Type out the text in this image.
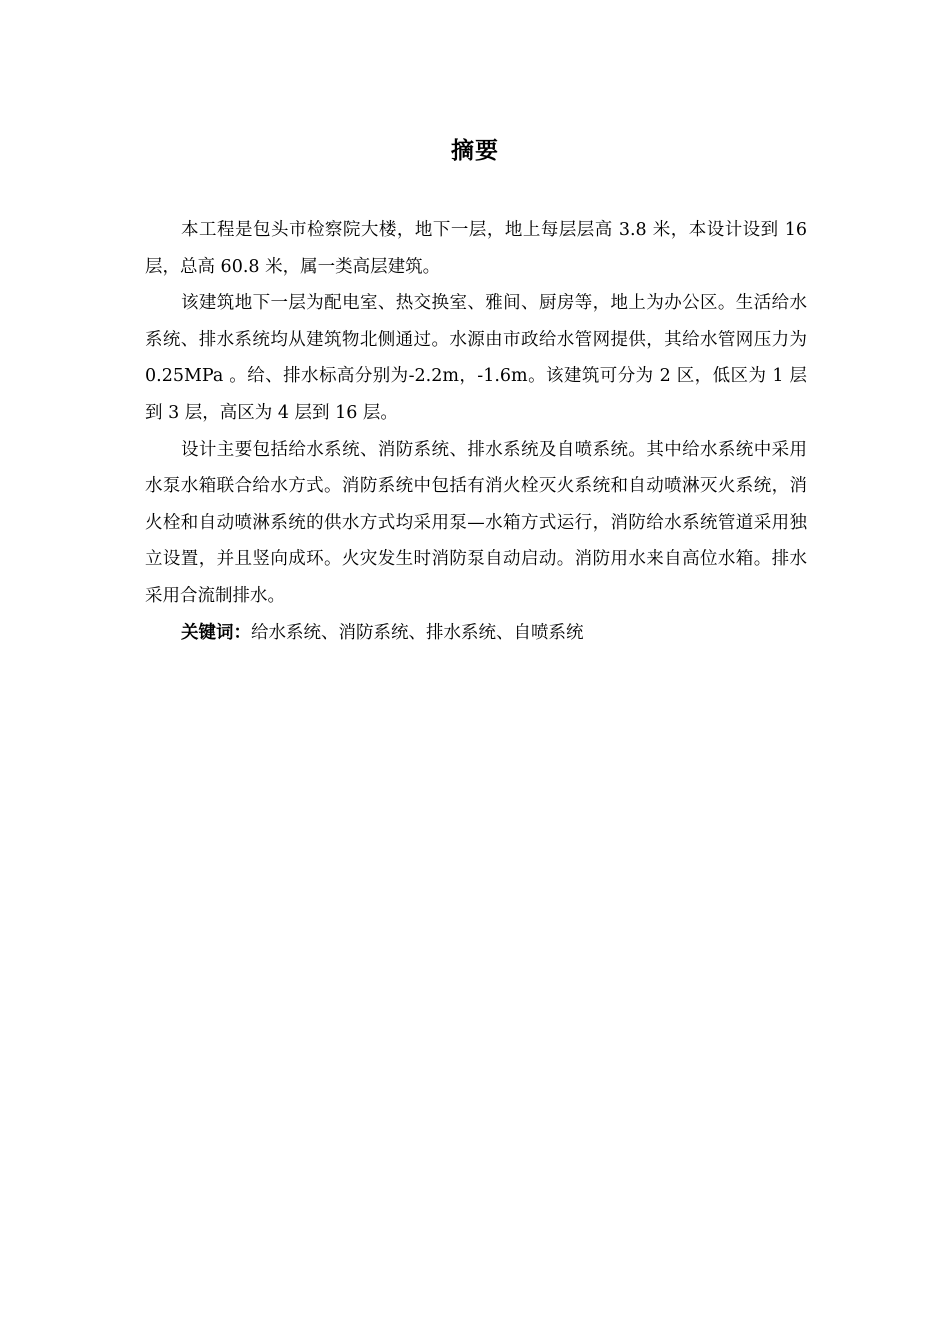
摘要

本工程是包头市检察院大楼，地下一层，地上每层层高 3.8 米，本设计设到 16 层，总高 60.8 米，属一类高层建筑。

该建筑地下一层为配电室、热交换室、雅间、厨房等，地上为办公区。生活给水系统、排水系统均从建筑物北侧通过。水源由市政给水管网提供，其给水管网压力为 0.25MPa 。给、排水标高分别为-2.2m，-1.6m。该建筑可分为 2 区，低区为 1 层到 3 层，高区为 4 层到 16 层。

设计主要包括给水系统、消防系统、排水系统及自喷系统。其中给水系统中采用水泵水箱联合给水方式。消防系统中包括有消火栓灭火系统和自动喷淋灭火系统，消火栓和自动喷淋系统的供水方式均采用泵—水箱方式运行，消防给水系统管道采用独立设置，并且竖向成环。火灾发生时消防泵自动启动。消防用水来自高位水箱。排水采用合流制排水。

关键词：给水系统、消防系统、排水系统、自喷系统
